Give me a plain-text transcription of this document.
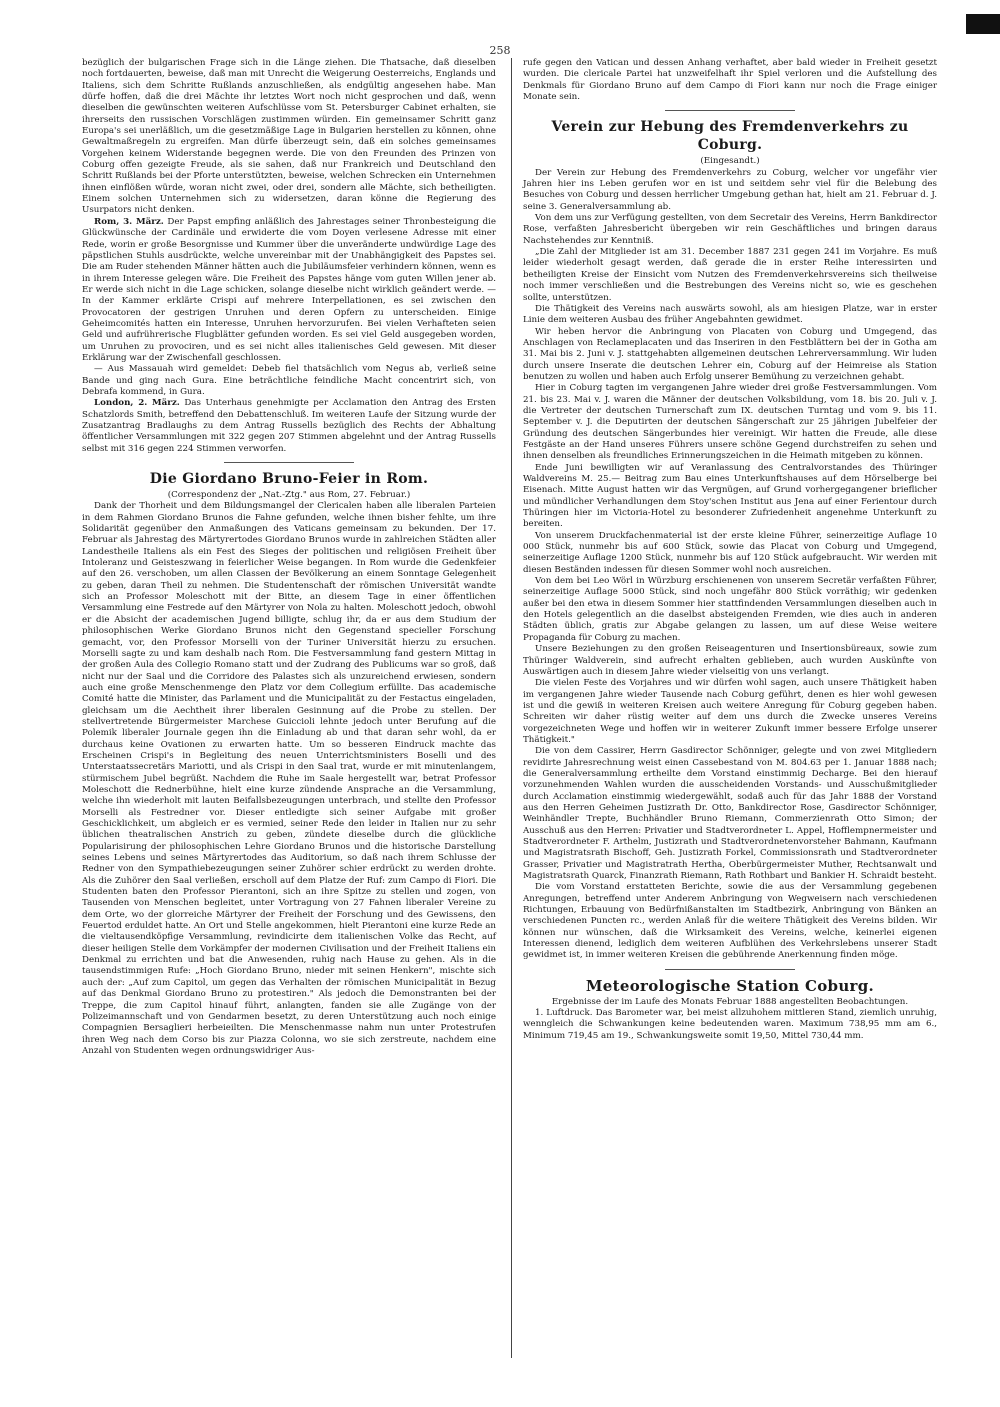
258

bezüglich der bulgarischen Frage sich in die Länge ziehen. Die Thatsache, daß dieselben noch fortdauerten, beweise, daß man mit Unrecht die Weigerung Oesterreichs, Englands und Italiens, sich dem Schritte Rußlands anzuschließen, als endgültig angesehen habe. Man dürfe hoffen, daß die drei Mächte ihr letztes Wort noch nicht gesprochen und daß, wenn dieselben die gewünschten weiteren Aufschlüsse vom St. Petersburger Cabinet erhalten, sie ihrerseits den russischen Vorschlägen zustimmen würden. Ein gemeinsamer Schritt ganz Europa's sei unerläßlich, um die gesetzmäßige Lage in Bulgarien herstellen zu können, ohne Gewaltmaßregeln zu ergreifen. Man dürfe überzeugt sein, daß ein solches gemeinsames Vorgehen keinem Widerstande begegnen werde. Die von den Freunden des Prinzen von Coburg offen gezeigte Freude, als sie sahen, daß nur Frankreich und Deutschland den Schritt Rußlands bei der Pforte unterstützten, beweise, welchen Schrecken ein Unternehmen ihnen einflößen würde, woran nicht zwei, oder drei, sondern alle Mächte, sich betheiligten. Einem solchen Unternehmen sich zu widersetzen, daran könne die Regierung des Usurpators nicht denken.

Rom, 3. März. Der Papst empfing anläßlich des Jahrestages seiner Thronbesteigung die Glückwünsche der Cardinäle und erwiderte die vom Doyen verlesene Adresse mit einer Rede, worin er große Besorgnisse und Kummer über die unveränderte undwürdige Lage des päpstlichen Stuhls ausdrückte, welche unvereinbar mit der Unabhängigkeit des Papstes sei. Die am Ruder stehenden Männer hätten auch die Jubiläumsfeier verhindern können, wenn es in ihrem Interesse gelegen wäre. Die Freiheit des Papstes hänge vom guten Willen jener ab. Er werde sich nicht in die Lage schicken, solange dieselbe nicht wirklich geändert werde. — In der Kammer erklärte Crispi auf mehrere Interpellationen, es sei zwischen den Provocatoren der gestrigen Unruhen und deren Opfern zu unterscheiden. Einige Geheimcomités hatten ein Interesse, Unruhen hervorzurufen. Bei vielen Verhafteten seien Geld und aufrührerische Flugblätter gefunden worden. Es sei viel Geld ausgegeben worden, um Unruhen zu provociren, und es sei nicht alles italienisches Geld gewesen. Mit dieser Erklärung war der Zwischenfall geschlossen.

— Aus Massauah wird gemeldet: Debeb fiel thatsächlich vom Negus ab, verließ seine Bande und ging nach Gura. Eine beträchtliche feindliche Macht concentrirt sich, von Debrafa kommend, in Gura.

London, 2. März. Das Unterhaus genehmigte per Acclamation den Antrag des Ersten Schatzlords Smith, betreffend den Debattenschluß. Im weiteren Laufe der Sitzung wurde der Zusatzantrag Bradlaughs zu dem Antrag Russells bezüglich des Rechts der Abhaltung öffentlicher Versammlungen mit 322 gegen 207 Stimmen abgelehnt und der Antrag Russells selbst mit 316 gegen 224 Stimmen verworfen.

Die Giordano Bruno-Feier in Rom.

(Correspondenz der „Nat.-Ztg." aus Rom, 27. Februar.)

Dank der Thorheit und dem Bildungsmangel der Clericalen haben alle liberalen Parteien in dem Rahmen Giordano Brunos die Fahne gefunden, welche ihnen bisher fehlte, um ihre Solidarität gegenüber den Anmaßungen des Vaticans gemeinsam zu bekunden. Der 17. Februar als Jahrestag des Märtyrertodes Giordano Brunos wurde in zahlreichen Städten aller Landestheile Italiens als ein Fest des Sieges der politischen und religiösen Freiheit über Intoleranz und Geisteszwang in feierlicher Weise begangen. In Rom wurde die Gedenkfeier auf den 26. verschoben, um allen Classen der Bevölkerung an einem Sonntage Gelegenheit zu geben, daran Theil zu nehmen. Die Studentenschaft der römischen Universität wandte sich an Professor Moleschott mit der Bitte, an diesem Tage in einer öffentlichen Versammlung eine Festrede auf den Märtyrer von Nola zu halten. Moleschott jedoch, obwohl er die Absicht der academischen Jugend billigte, schlug ihr, da er aus dem Studium der philosophischen Werke Giordano Brunos nicht den Gegenstand specieller Forschung gemacht, vor, den Professor Morselli von der Turiner Universität hierzu zu ersuchen. Morselli sagte zu und kam deshalb nach Rom. Die Festversammlung fand gestern Mittag in der großen Aula des Collegio Romano statt und der Zudrang des Publicums war so groß, daß nicht nur der Saal und die Corridore des Palastes sich als unzureichend erwiesen, sondern auch eine große Menschenmenge den Platz vor dem Collegium erfüllte. Das academische Comité hatte die Minister, das Parlament und die Municipalität zu der Festactus eingeladen, gleichsam um die Aechtheit ihrer liberalen Gesinnung auf die Probe zu stellen. Der stellvertretende Bürgermeister Marchese Guiccioli lehnte jedoch unter Berufung auf die Polemik liberaler Journale gegen ihn die Einladung ab und that daran sehr wohl, da er durchaus keine Ovationen zu erwarten hatte. Um so besseren Eindruck machte das Erscheinen Crispi's in Begleitung des neuen Unterrichtsministers Boselli und des Unterstaatssecretärs Mariotti, und als Crispi in den Saal trat, wurde er mit minutenlangem, stürmischem Jubel begrüßt. Nachdem die Ruhe im Saale hergestellt war, betrat Professor Moleschott die Rednerbühne, hielt eine kurze zündende Ansprache an die Versammlung, welche ihn wiederholt mit lauten Beifallsbezeugungen unterbrach, und stellte den Professor Morselli als Festredner vor. Dieser entledigte sich seiner Aufgabe mit großer Geschicklichkeit, um abgleich er es vermied, seiner Rede den leider in Italien nur zu sehr üblichen theatralischen Anstrich zu geben, zündete dieselbe durch die glückliche Popularisirung der philosophischen Lehre Giordano Brunos und die historische Darstellung seines Lebens und seines Märtyrertodes das Auditorium, so daß nach ihrem Schlusse der Redner von den Sympathiebezeugungen seiner Zuhörer schier erdrückt zu werden drohte. Als die Zuhörer den Saal verließen, erscholl auf dem Platze der Ruf: zum Campo di Fiori. Die Studenten baten den Professor Pierantoni, sich an ihre Spitze zu stellen und zogen, von Tausenden von Menschen begleitet, unter Vortragung von 27 Fahnen liberaler Vereine zu dem Orte, wo der glorreiche Märtyrer der Freiheit der Forschung und des Gewissens, den Feuertod erduldet hatte. An Ort und Stelle angekommen, hielt Pierantoni eine kurze Rede an die vieltausendköpfige Versammlung, revindicirte dem italienischen Volke das Recht, auf dieser heiligen Stelle dem Vorkämpfer der modernen Civilisation und der Freiheit Italiens ein Denkmal zu errichten und bat die Anwesenden, ruhig nach Hause zu gehen. Als in die tausendstimmigen Rufe: „Hoch Giordano Bruno, nieder mit seinen Henkern", mischte sich auch der: „Auf zum Capitol, um gegen das Verhalten der römischen Municipalität in Bezug auf das Denkmal Giordano Bruno zu protestiren." Als jedoch die Demonstranten bei der Treppe, die zum Capitol hinauf führt, anlangten, fanden sie alle Zugänge von der Polizeimannschaft und von Gendarmen besetzt, zu deren Unterstützung auch noch einige Compagnien Bersaglieri herbeieilten. Die Menschenmasse nahm nun unter Protestrufen ihren Weg nach dem Corso bis zur Piazza Colonna, wo sie sich zerstreute, nachdem eine Anzahl von Studenten wegen ordnungswidriger Aus-

rufe gegen den Vatican und dessen Anhang verhaftet, aber bald wieder in Freiheit gesetzt wurden. Die clericale Partei hat unzweifelhaft ihr Spiel verloren und die Aufstellung des Denkmals für Giordano Bruno auf dem Campo di Fiori kann nur noch die Frage einiger Monate sein.

Verein zur Hebung des Fremdenverkehrs zu Coburg.

(Eingesandt.)

Der Verein zur Hebung des Fremdenverkehrs zu Coburg, welcher vor ungefähr vier Jahren hier ins Leben gerufen wor en ist und seitdem sehr viel für die Belebung des Besuches von Coburg und dessen herrlicher Umgebung gethan hat, hielt am 21. Februar d. J. seine 3. Generalversammlung ab.

Von dem uns zur Verfügung gestellten, von dem Secretair des Vereins, Herrn Bankdirector Rose, verfaßten Jahresbericht übergeben wir rein Geschäftliches und bringen daraus Nachstehendes zur Kenntniß.

„Die Zahl der Mitglieder ist am 31. December 1887 231 gegen 241 im Vorjahre. Es muß leider wiederholt gesagt werden, daß gerade die in erster Reihe interessirten und betheiligten Kreise der Einsicht vom Nutzen des Fremdenverkehrsvereins sich theilweise noch immer verschließen und die Bestrebungen des Vereins nicht so, wie es geschehen sollte, unterstützen.

Die Thätigkeit des Vereins nach auswärts sowohl, als am hiesigen Platze, war in erster Linie dem weiteren Ausbau des früher Angebahnten gewidmet.

Wir heben hervor die Anbringung von Placaten von Coburg und Umgegend, das Anschlagen von Reclameplacaten und das Inseriren in den Festblättern bei der in Gotha am 31. Mai bis 2. Juni v. J. stattgehabten allgemeinen deutschen Lehrerversammlung. Wir luden durch unsere Inserate die deutschen Lehrer ein, Coburg auf der Heimreise als Station benutzen zu wollen und haben auch Erfolg unserer Bemühung zu verzeichnen gehabt.

Hier in Coburg tagten im vergangenen Jahre wieder drei große Festversammlungen. Vom 21. bis 23. Mai v. J. waren die Männer der deutschen Volksbildung, vom 18. bis 20. Juli v. J. die Vertreter der deutschen Turnerschaft zum IX. deutschen Turntag und vom 9. bis 11. September v. J. die Deputirten der deutschen Sängerschaft zur 25 jährigen Jubelfeier der Gründung des deutschen Sängerbundes hier vereinigt. Wir hatten die Freude, alle diese Festgäste an der Hand unseres Führers unsere schöne Gegend durchstreifen zu sehen und ihnen denselben als freundliches Erinnerungszeichen in die Heimath mitgeben zu können.

Ende Juni bewilligten wir auf Veranlassung des Centralvorstandes des Thüringer Waldvereins M. 25.— Beitrag zum Bau eines Unterkunftshauses auf dem Hörselberge bei Eisenach. Mitte August hatten wir das Vergnügen, auf Grund vorhergegangener brieflicher und mündlicher Verhandlungen dem Stoy'schen Institut aus Jena auf einer Ferientour durch Thüringen hier im Victoria-Hotel zu besonderer Zufriedenheit angenehme Unterkunft zu bereiten.

Von unserem Druckfachenmaterial ist der erste kleine Führer, seinerzeitige Auflage 10 000 Stück, nunmehr bis auf 600 Stück, sowie das Placat von Coburg und Umgegend, seinerzeitige Auflage 1200 Stück, nunmehr bis auf 120 Stück aufgebraucht. Wir werden mit diesen Beständen indessen für diesen Sommer wohl noch ausreichen.

Von dem bei Leo Wörl in Würzburg erschienenen von unserem Secretär verfaßten Führer, seinerzeitige Auflage 5000 Stück, sind noch ungefähr 800 Stück vorräthig; wir gedenken außer bei den etwa in diesem Sommer hier stattfindenden Versammlungen dieselben auch in den Hotels gelegentlich an die daselbst absteigenden Fremden, wie dies auch in anderen Städten üblich, gratis zur Abgabe gelangen zu lassen, um auf diese Weise weitere Propaganda für Coburg zu machen.

Unsere Beziehungen zu den großen Reiseagenturen und Insertionsbüreaux, sowie zum Thüringer Waldverein, sind aufrecht erhalten geblieben, auch wurden Auskünfte von Auswärtigen auch in diesem Jahre wieder vielseitig von uns verlangt.

Die vielen Feste des Vorjahres und wir dürfen wohl sagen, auch unsere Thätigkeit haben im vergangenen Jahre wieder Tausende nach Coburg geführt, denen es hier wohl gewesen ist und die gewiß in weiteren Kreisen auch weitere Anregung für Coburg gegeben haben. Schreiten wir daher rüstig weiter auf dem uns durch die Zwecke unseres Vereins vorgezeichneten Wege und hoffen wir in weiterer Zukunft immer bessere Erfolge unserer Thätigkeit."

Die von dem Cassirer, Herrn Gasdirector Schönniger, gelegte und von zwei Mitgliedern revidirte Jahresrechnung weist einen Cassebestand von M. 804.63 per 1. Januar 1888 nach; die Generalversammlung ertheilte dem Vorstand einstimmig Decharge. Bei den hierauf vorzunehmenden Wahlen wurden die ausscheidenden Vorstands- und Ausschußmitglieder durch Acclamation einstimmig wiedergewählt, sodaß auch für das Jahr 1888 der Vorstand aus den Herren Geheimen Justizrath Dr. Otto, Bankdirector Rose, Gasdirector Schönniger, Weinhändler Trepte, Buchhändler Bruno Riemann, Commerzienrath Otto Simon; der Ausschuß aus den Herren: Privatier und Stadtverordneter L. Appel, Hofflempnermeister und Stadtverordneter F. Arthelm, Justizrath und Stadtverordnetenvorsteher Bahmann, Kaufmann und Magistratsrath Bischoff, Geh. Justizrath Forkel, Commissionsrath und Stadtverordneter Grasser, Privatier und Magistratrath Hertha, Oberbürgermeister Muther, Rechtsanwalt und Magistratsrath Quarck, Finanzrath Riemann, Rath Rothbart und Bankier H. Schraidt besteht.

Die vom Vorstand erstatteten Berichte, sowie die aus der Versammlung gegebenen Anregungen, betreffend unter Anderem Anbringung von Wegweisern nach verschiedenen Richtungen, Erbauung von Bedürfnißanstalten im Stadtbezirk, Anbringung von Bänken an verschiedenen Puncten rc., werden Anlaß für die weitere Thätigkeit des Vereins bilden. Wir können nur wünschen, daß die Wirksamkeit des Vereins, welche, keinerlei eigenen Interessen dienend, lediglich dem weiteren Aufblühen des Verkehrslebens unserer Stadt gewidmet ist, in immer weiteren Kreisen die gebührende Anerkennung finden möge.

Meteorologische Station Coburg.

Ergebnisse der im Laufe des Monats Februar 1888 angestellten Beobachtungen.

1. Luftdruck. Das Barometer war, bei meist allzuhohem mittleren Stand, ziemlich unruhig, wenngleich die Schwankungen keine bedeutenden waren. Maximum 738,95 mm am 6., Minimum 719,45 am 19., Schwankungsweite somit 19,50, Mittel 730,44 mm.
